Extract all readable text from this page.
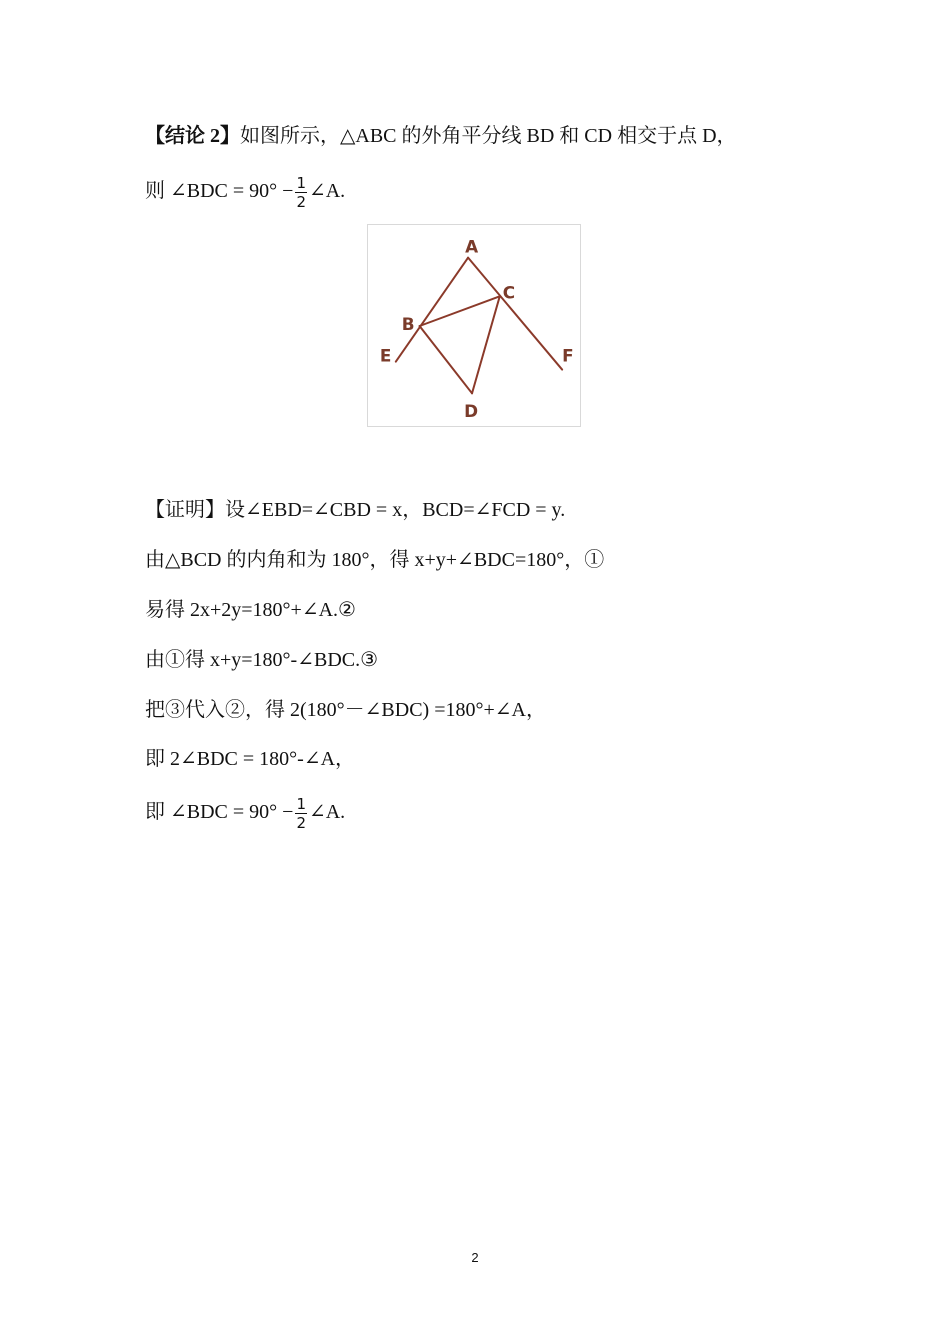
【结论 2】如图所示，△ABC 的外角平分线 BD 和 CD 相交于点 D，
则 ∠BDC = $90^\circ - \frac{1}{2}$ ∠A.
A
B
C
D
E	F
【证明】设∠EBD=∠CBD = x，BCD=∠FCD = y.
由△BCD 的内角和为 180°，得 x+y+∠BDC=180°，①
易得 2x+2y=180°+∠A.②
由①得 x+y=180°-∠BDC.③
把③代入②，得 2(180°－∠BDC) =180°+∠A，
即 2∠BDC = 180°-∠A，
即 ∠BDC = $90^\circ - \frac{1}{2}$ ∠A.
2
